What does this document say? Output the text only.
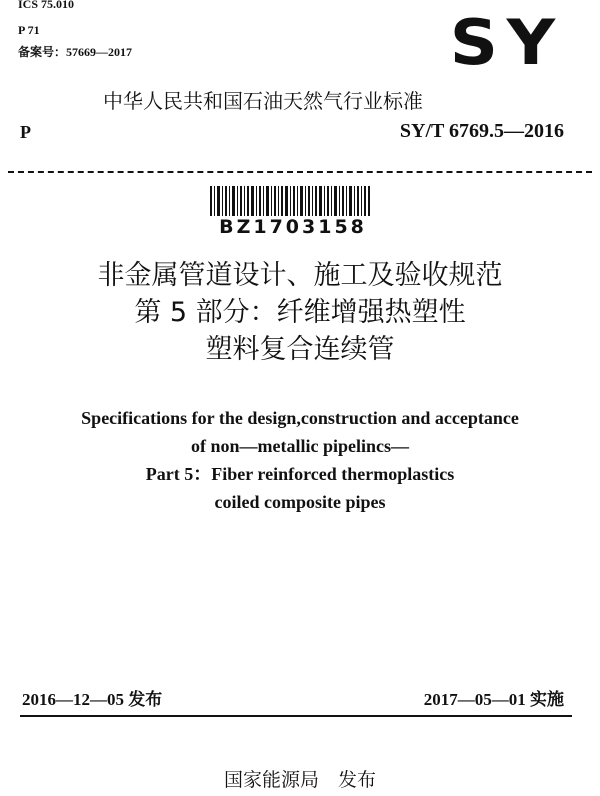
ICS 75.010
P 71
备案号：57669—2017	SY
中华人民共和国石油天然气行业标准
P	SY/T 6769.5—2016
BZ1703158
非金属管道设计、施工及验收规范
第 5 部分：纤维增强热塑性
塑料复合连续管
Specifications for the design,construction and acceptance
of non—metallic pipelincs—
Part 5：Fiber reinforced thermoplastics
coiled composite pipes
2016—12—05 发布	2017—05—01 实施
国家能源局　发布
